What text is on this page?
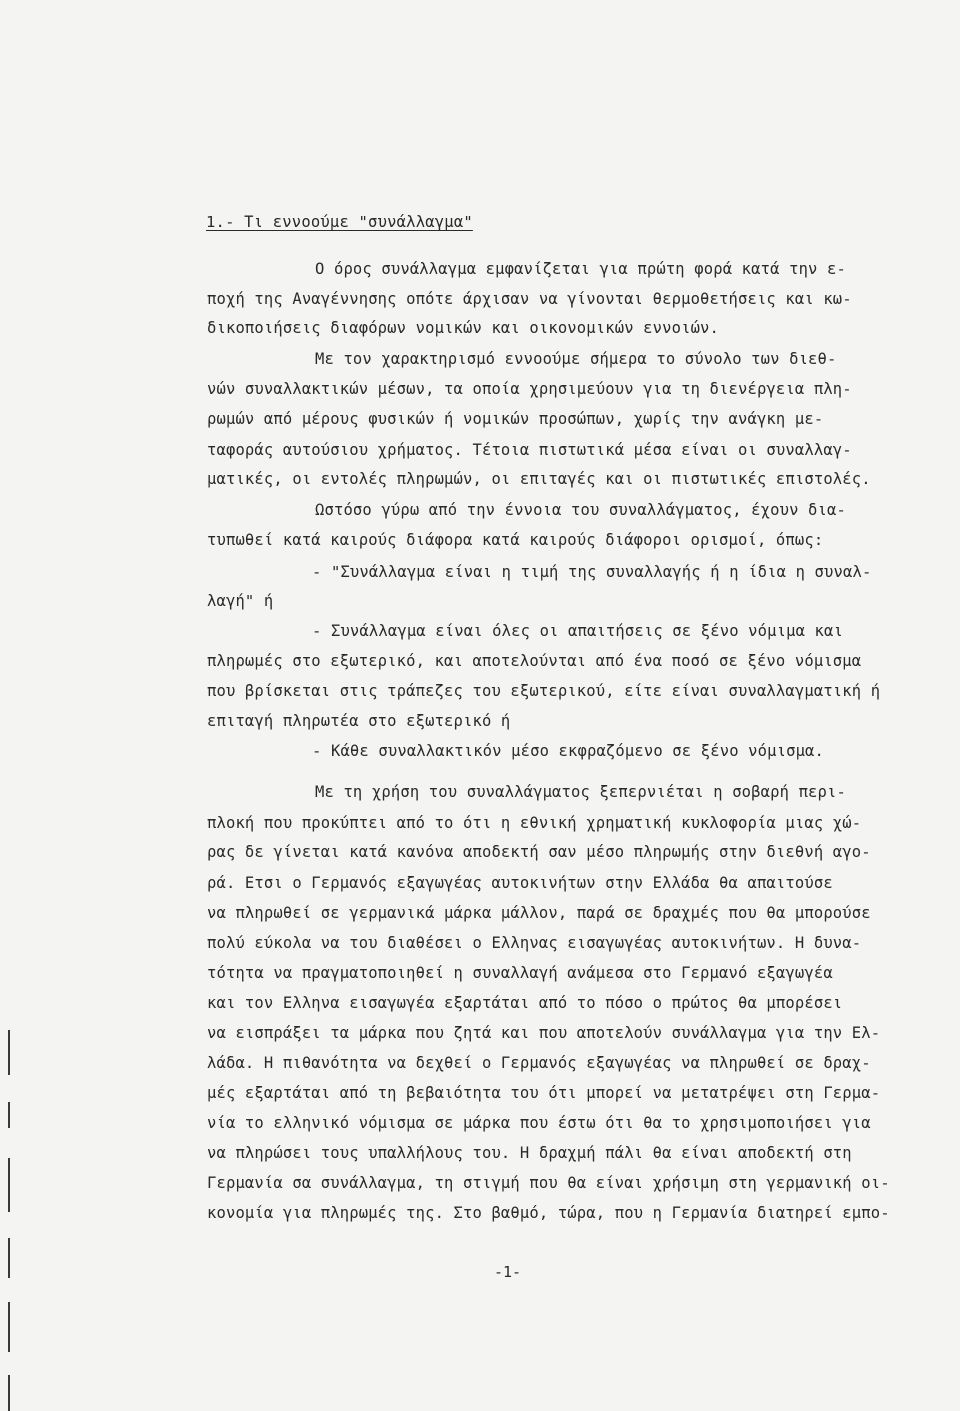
1.- Τι εννοούμε "συνάλλαγμα"
Ο όρος συνάλλαγμα εμφανίζεται για πρώτη φορά κατά την ε-
ποχή της Αναγέννησης οπότε άρχισαν να γίνονται θερμοθετήσεις και κω-
δικοποιήσεις διαφόρων νομικών και οικονομικών εννοιών.
Με τον χαρακτηρισμό εννοούμε σήμερα το σύνολο των διεθ-
νών συναλλακτικών μέσων, τα οποία χρησιμεύουν για τη διενέργεια πλη-
ρωμών από μέρους φυσικών ή νομικών προσώπων, χωρίς την ανάγκη με-
ταφοράς αυτούσιου χρήματος. Τέτοια πιστωτικά μέσα είναι οι συναλλαγ-
ματικές, οι εντολές πληρωμών, οι επιταγές και οι πιστωτικές επιστολές.
Ωστόσο γύρω από την έννοια του συναλλάγματος, έχουν δια-
τυπωθεί κατά καιρούς διάφορα κατά καιρούς διάφοροι ορισμοί, όπως:
- "Συνάλλαγμα είναι η τιμή της συναλλαγής ή η ίδια η συναλ-
λαγή" ή
- Συνάλλαγμα είναι όλες οι απαιτήσεις σε ξένο νόμιμα και
πληρωμές στο εξωτερικό, και αποτελούνται από ένα ποσό σε ξένο νόμισμα
που βρίσκεται στις τράπεζες του εξωτερικού, είτε είναι συναλλαγματική ή
επιταγή πληρωτέα στο εξωτερικό ή
- Κάθε συναλλακτικόν μέσο εκφραζόμενο σε ξένο νόμισμα.
Με τη χρήση του συναλλάγματος ξεπερνιέται η σοβαρή περι-
πλοκή που προκύπτει από το ότι η εθνική χρηματική κυκλοφορία μιας χώ-
ρας δε γίνεται κατά κανόνα αποδεκτή σαν μέσο πληρωμής στην διεθνή αγο-
ρά. Ετσι ο Γερμανός εξαγωγέας αυτοκινήτων στην Ελλάδα θα απαιτούσε
να πληρωθεί σε γερμανικά μάρκα μάλλον, παρά σε δραχμές που θα μπορούσε
πολύ εύκολα να του διαθέσει ο Ελληνας εισαγωγέας αυτοκινήτων. Η δυνα-
τότητα να πραγματοποιηθεί η συναλλαγή ανάμεσα στο Γερμανό εξαγωγέα
και τον Ελληνα εισαγωγέα εξαρτάται από το πόσο ο πρώτος θα μπορέσει
να εισπράξει τα μάρκα που ζητά και που αποτελούν συνάλλαγμα για την Ελ-
λάδα. Η πιθανότητα να δεχθεί ο Γερμανός εξαγωγέας να πληρωθεί σε δραχ-
μές εξαρτάται από τη βεβαιότητα του ότι μπορεί να μετατρέψει στη Γερμα-
νία το ελληνικό νόμισμα σε μάρκα που έστω ότι θα το χρησιμοποιήσει για
να πληρώσει τους υπαλλήλους του. Η δραχμή πάλι θα είναι αποδεκτή στη
Γερμανία σα συνάλλαγμα, τη στιγμή που θα είναι χρήσιμη στη γερμανική οι-
κονομία για πληρωμές της. Στο βαθμό, τώρα, που η Γερμανία διατηρεί εμπο-
-1-
